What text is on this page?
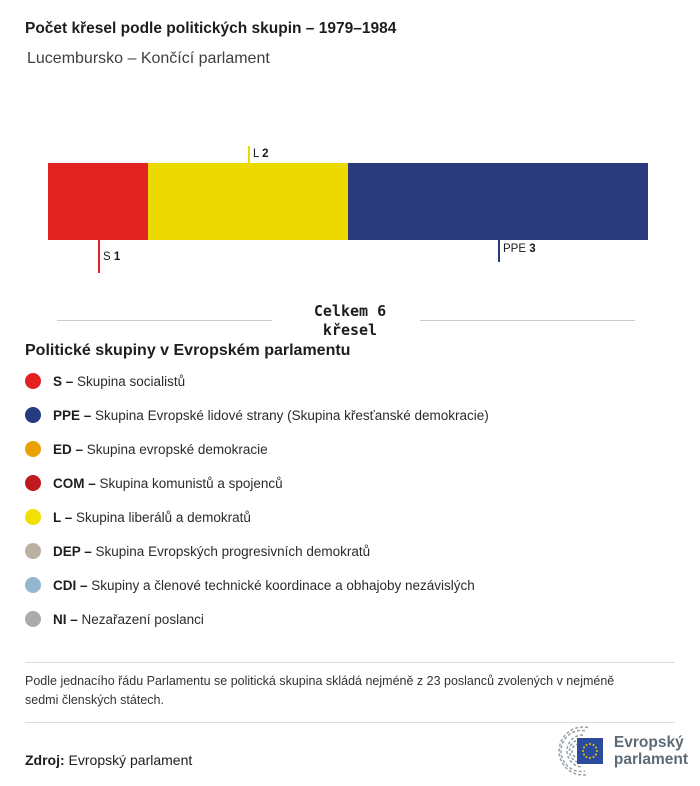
Počet křesel podle politických skupin – 1979–1984
Lucembursko – Končící parlament
S 1
L 2
PPE 3
Celkem 6
křesel
Politické skupiny v Evropském parlamentu
S – Skupina socialistů
PPE – Skupina Evropské lidové strany (Skupina křesťanské demokracie)
ED – Skupina evropské demokracie
COM – Skupina komunistů a spojenců
L – Skupina liberálů a demokratů
DEP – Skupina Evropských progresivních demokratů
CDI – Skupiny a členové technické koordinace a obhajoby nezávislých
NI – Nezařazení poslanci
Podle jednacího řádu Parlamentu se politická skupina skládá nejméně z 23 poslanců zvolených v nejméně sedmi členských státech.
Zdroj: Evropský parlament
Evropský
parlament
